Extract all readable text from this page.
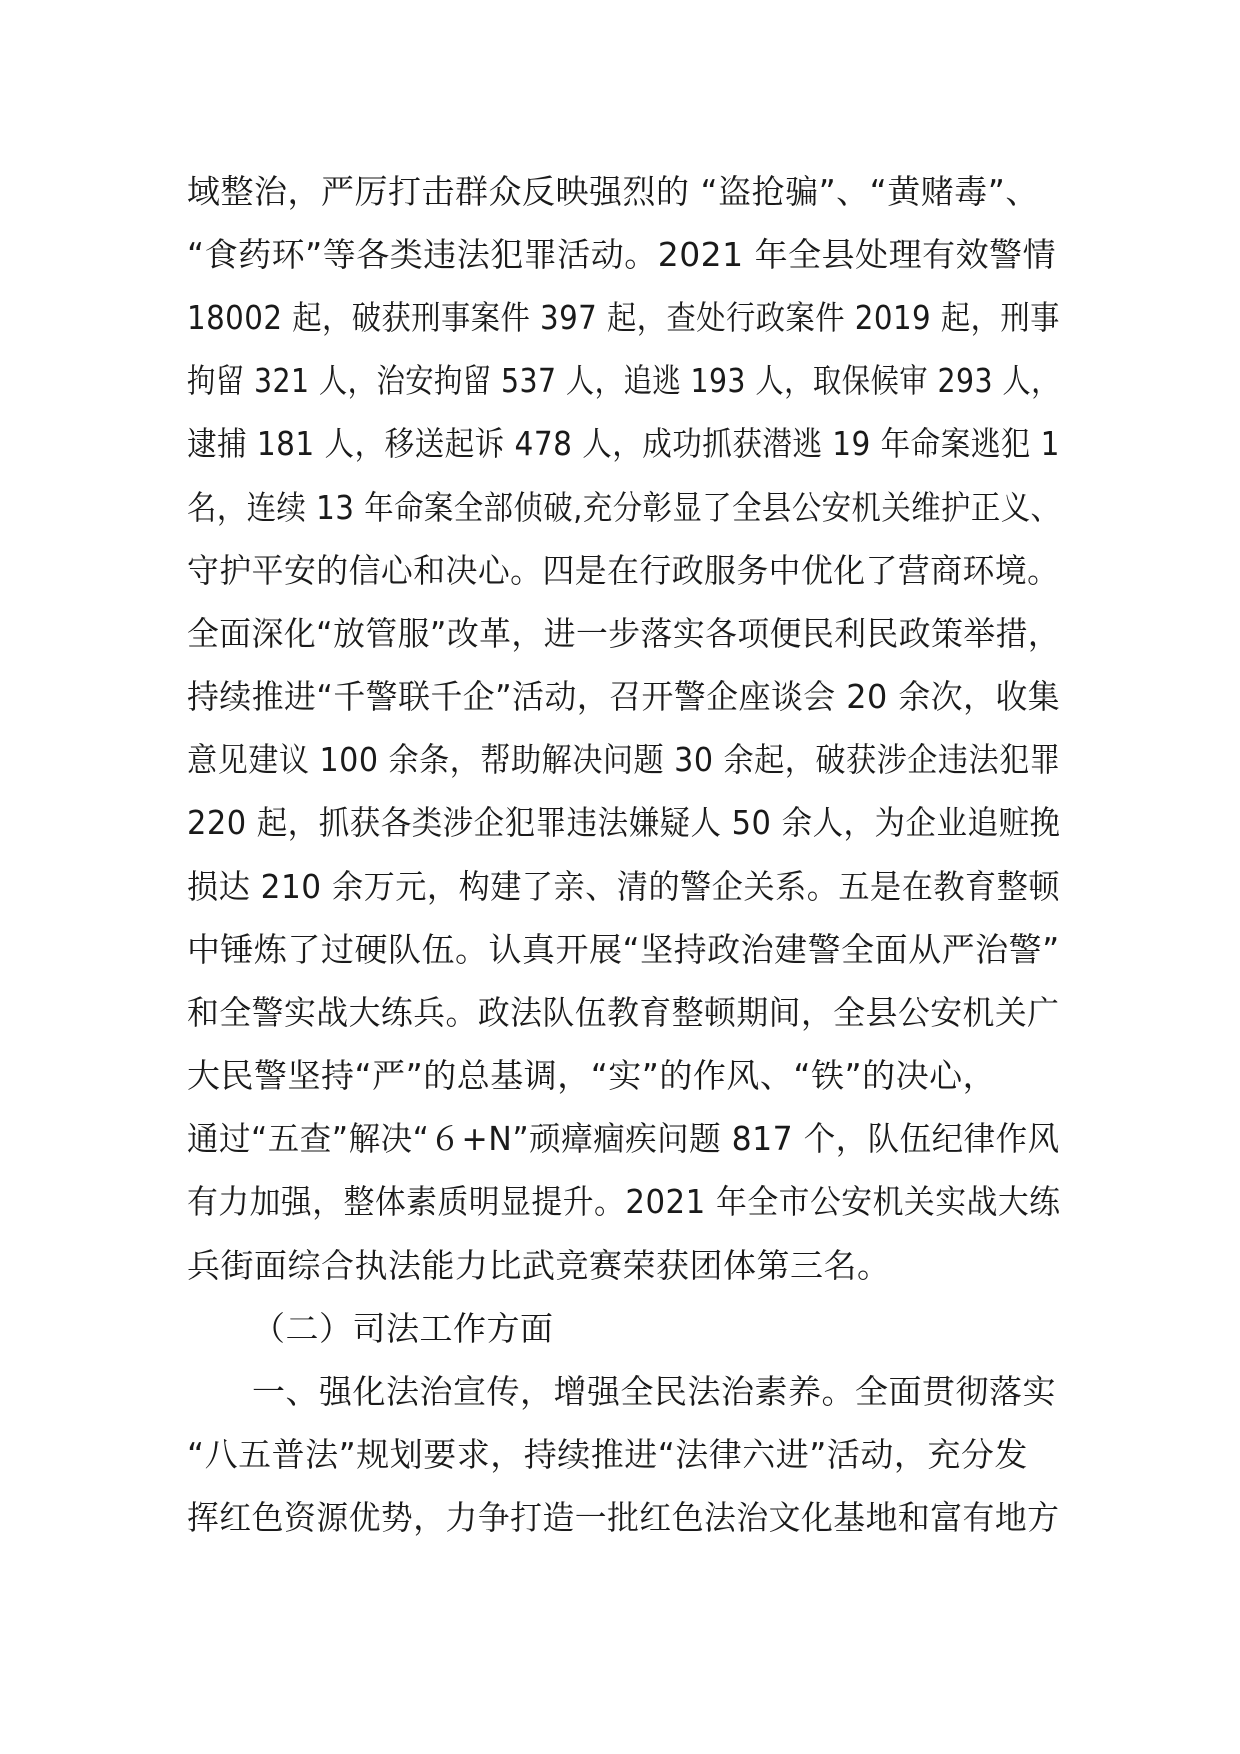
域整治，严厉打击群众反映强烈的 “盗抢骗”、“黄赌毒”、
“食药环”等各类违法犯罪活动。2021 年全县处理有效警情
18002 起，破获刑事案件 397 起，查处行政案件 2019 起，刑事
拘留 321 人，治安拘留 537 人，追逃 193 人，取保候审 293 人，
逮捕 181 人，移送起诉 478 人，成功抓获潜逃 19 年命案逃犯 1
名，连续 13 年命案全部侦破,充分彰显了全县公安机关维护正义、
守护平安的信心和决心。四是在行政服务中优化了营商环境。
全面深化“放管服”改革，进一步落实各项便民利民政策举措，
持续推进“千警联千企”活动，召开警企座谈会 20 余次，收集
意见建议 100 余条，帮助解决问题 30 余起，破获涉企违法犯罪
220 起，抓获各类涉企犯罪违法嫌疑人 50 余人，为企业追赃挽
损达 210 余万元，构建了亲、清的警企关系。五是在教育整顿
中锤炼了过硬队伍。认真开展“坚持政治建警全面从严治警”
和全警实战大练兵。政法队伍教育整顿期间，全县公安机关广
大民警坚持“严”的总基调，“实”的作风、“铁”的决心，
通过“五查”解决“６+N”顽瘴痼疾问题 817 个，队伍纪律作风
有力加强，整体素质明显提升。2021 年全市公安机关实战大练
兵街面综合执法能力比武竞赛荣获团体第三名。
（二）司法工作方面
一、强化法治宣传，增强全民法治素养。全面贯彻落实
“八五普法”规划要求，持续推进“法律六进”活动，充分发
挥红色资源优势，力争打造一批红色法治文化基地和富有地方
